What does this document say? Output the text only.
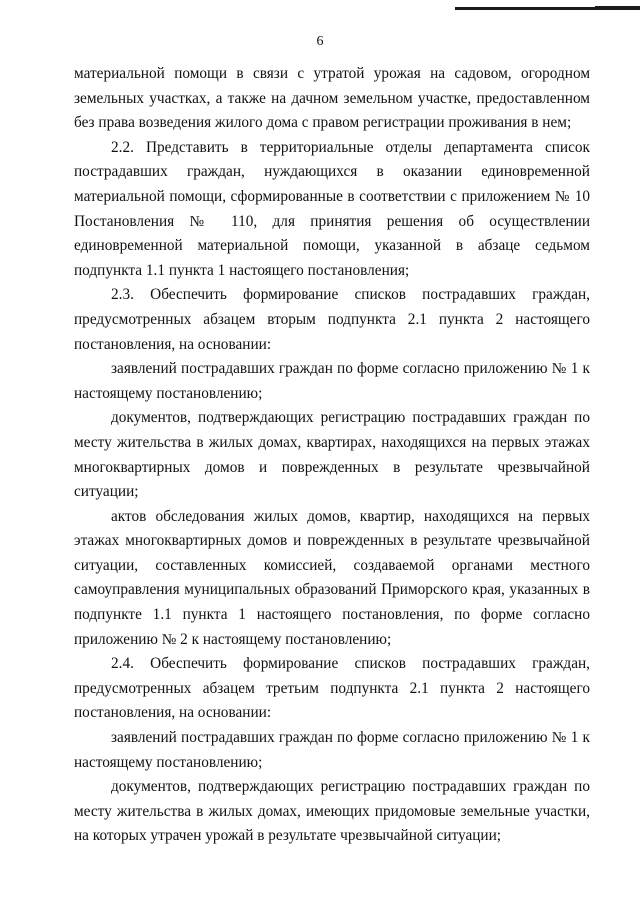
6

материальной помощи в связи с утратой урожая на садовом, огородном земельных участках, а также на дачном земельном участке, предоставленном без права возведения жилого дома с правом регистрации проживания в нем;

2.2. Представить в территориальные отделы департамента список пострадавших граждан, нуждающихся в оказании единовременной материальной помощи, сформированные в соответствии с приложением № 10 Постановления № 110, для принятия решения об осуществлении единовременной материальной помощи, указанной в абзаце седьмом подпункта 1.1 пункта 1 настоящего постановления;

2.3. Обеспечить формирование списков пострадавших граждан, предусмотренных абзацем вторым подпункта 2.1 пункта 2 настоящего постановления, на основании:

заявлений пострадавших граждан по форме согласно приложению № 1 к настоящему постановлению;

документов, подтверждающих регистрацию пострадавших граждан по месту жительства в жилых домах, квартирах, находящихся на первых этажах многоквартирных домов и поврежденных в результате чрезвычайной ситуации;

актов обследования жилых домов, квартир, находящихся на первых этажах многоквартирных домов и поврежденных в результате чрезвычайной ситуации, составленных комиссией, создаваемой органами местного самоуправления муниципальных образований Приморского края, указанных в подпункте 1.1 пункта 1 настоящего постановления, по форме согласно приложению № 2 к настоящему постановлению;

2.4. Обеспечить формирование списков пострадавших граждан, предусмотренных абзацем третьим подпункта 2.1 пункта 2 настоящего постановления, на основании:

заявлений пострадавших граждан по форме согласно приложению № 1 к настоящему постановлению;

документов, подтверждающих регистрацию пострадавших граждан по месту жительства в жилых домах, имеющих придомовые земельные участки, на которых утрачен урожай в результате чрезвычайной ситуации;
